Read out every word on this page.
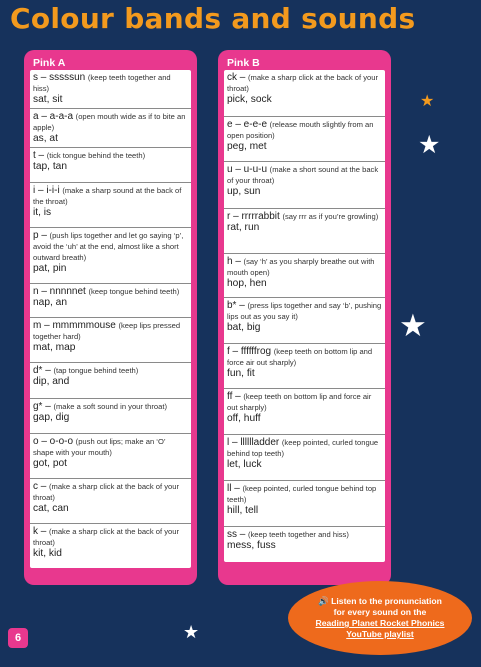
Colour bands and sounds
Pink A
s – sssssun (keep teeth together and hiss)
sat, sit
a – a-a-a (open mouth wide as if to bite an apple)
as, at
t – (tick tongue behind the teeth)
tap, tan
i – i-i-i (make a sharp sound at the back of the throat)
it, is
p – (push lips together and let go saying ‘p’, avoid the ‘uh’ at the end, almost like a short outward breath)
pat, pin
n – nnnnnet (keep tongue behind teeth)
nap, an
m – mmmmmouse (keep lips pressed together hard)
mat, map
d* – (tap tongue behind teeth)
dip, and
g* – (make a soft sound in your throat)
gap, dig
o – o-o-o (push out lips; make an ‘O’ shape with your mouth)
got, pot
c – (make a sharp click at the back of your throat)
cat, can
k – (make a sharp click at the back of your throat)
kit, kid
Pink B
ck – (make a sharp click at the back of your throat)
pick, sock
e – e-e-e (release mouth slightly from an open position)
peg, met
u – u-u-u (make a short sound at the back of your throat)
up, sun
r – rrrrrabbit (say rrr as if you’re growling)
rat, run
h – (say ‘h’ as you sharply breathe out with mouth open)
hop, hen
b* – (press lips together and say ‘b’, pushing lips out as you say it)
bat, big
f – ffffffrog (keep teeth on bottom lip and force air out sharply)
fun, fit
ff – (keep teeth on bottom lip and force air out sharply)
off, huff
l – lllllladder (keep pointed, curled tongue behind top teeth)
let, luck
ll – (keep pointed, curled tongue behind top teeth)
hill, tell
ss – (keep teeth together and hiss)
mess, fuss
★
★
★
★
🔊 Listen to the pronunciation
for every sound on the
Reading Planet Rocket Phonics
YouTube playlist
6
